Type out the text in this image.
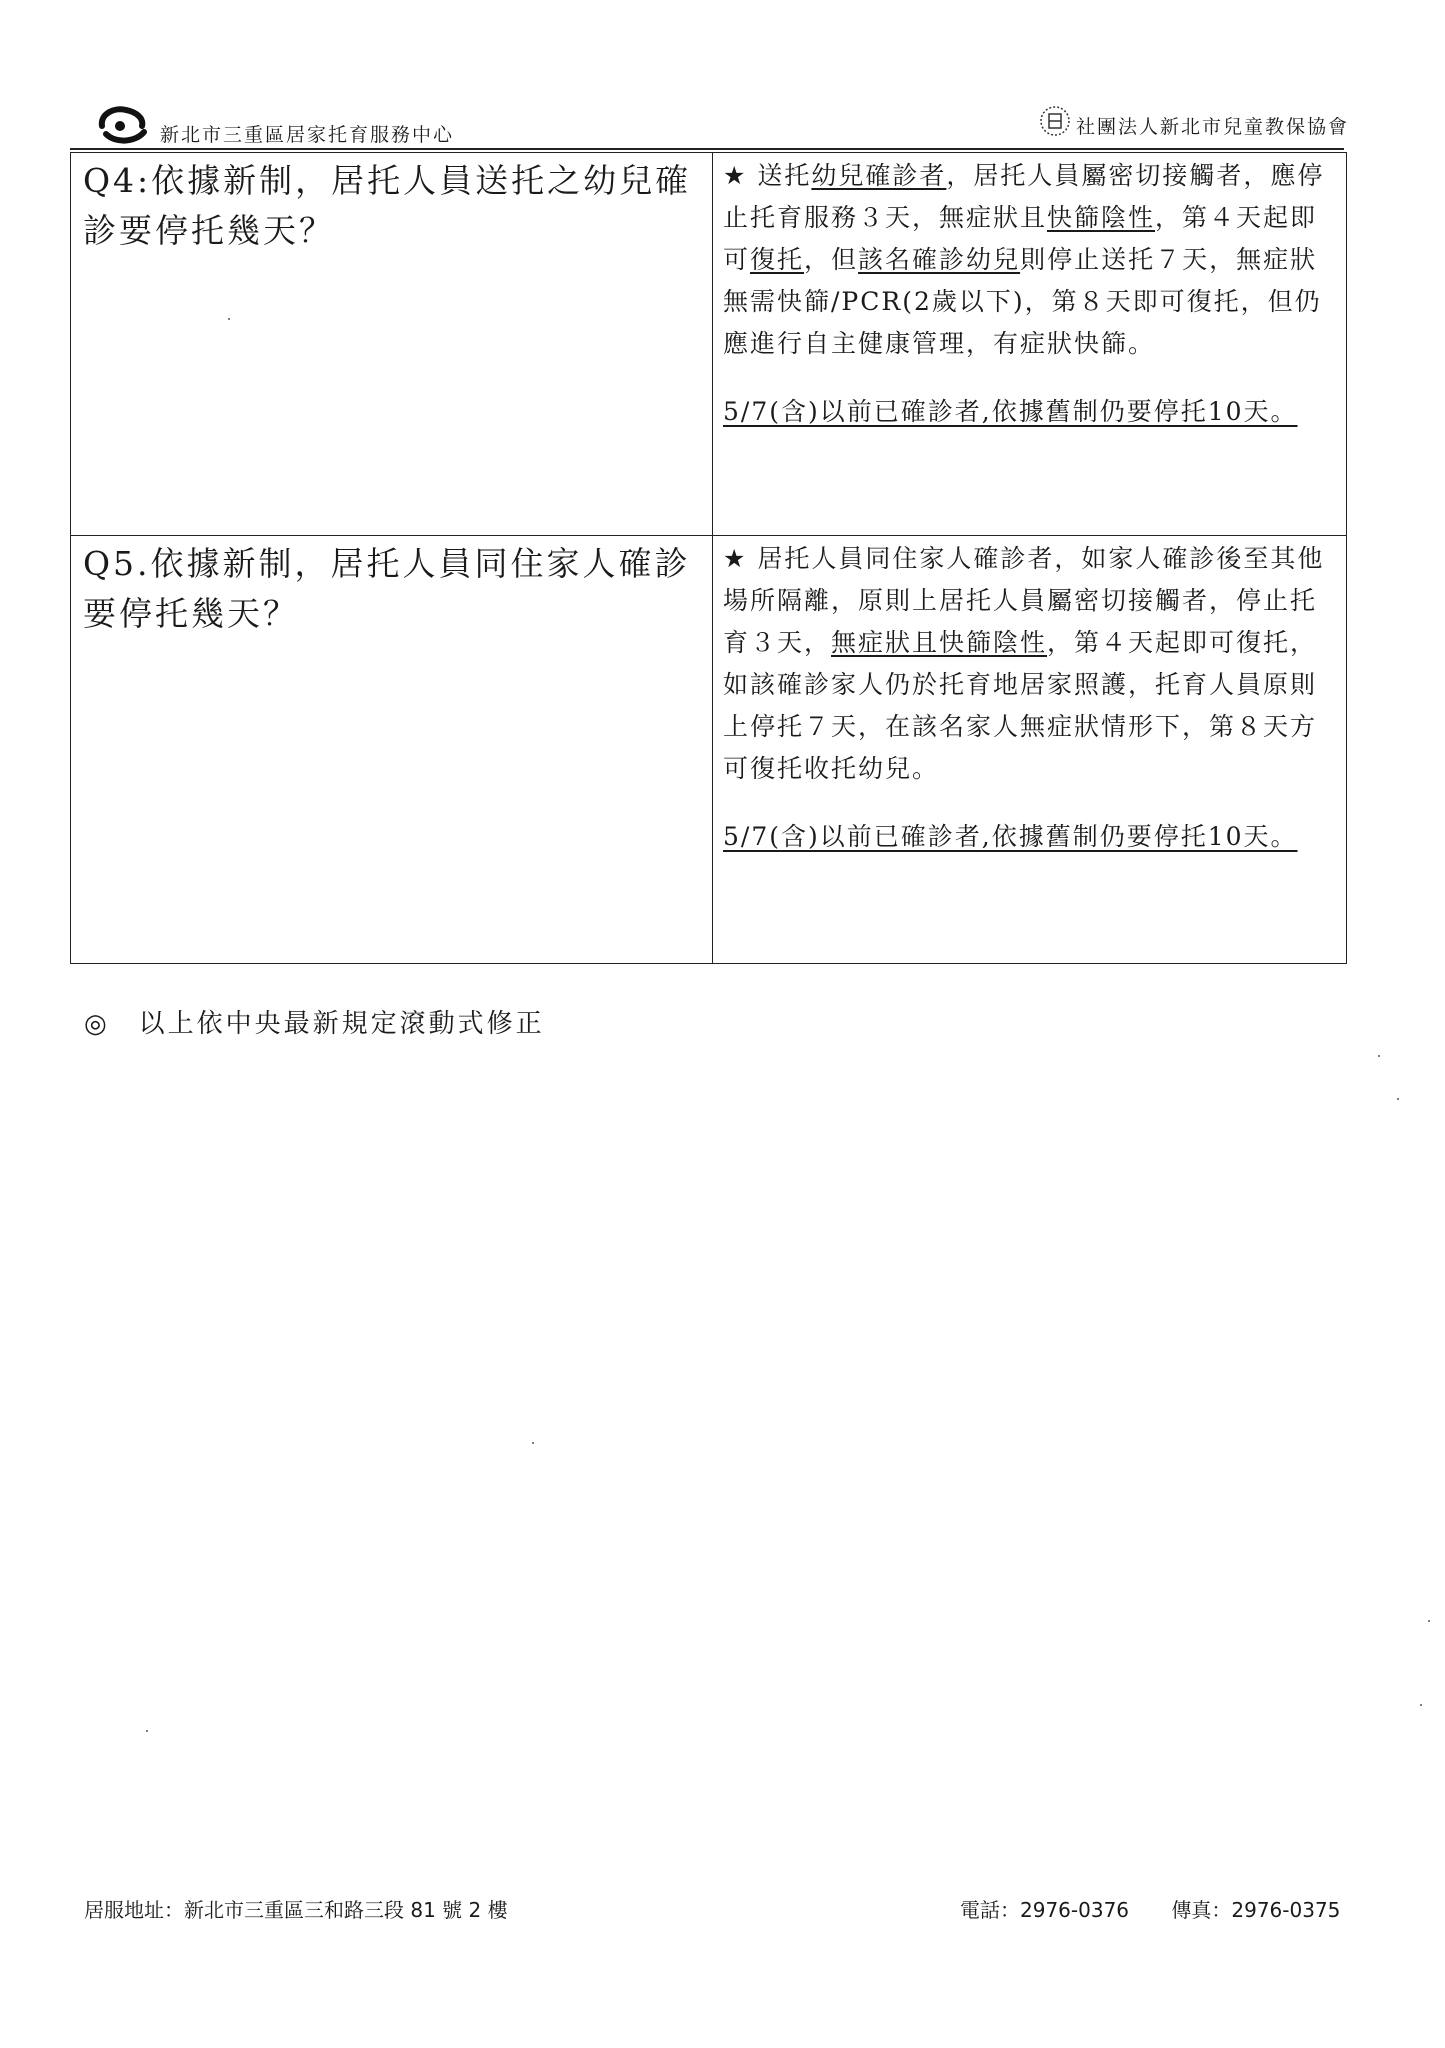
新北市三重區居家托育服務中心	社團法人新北市兒童教保協會
Q4:依據新制，居托人員送托之幼兒確診要停托幾天？	★ 送托幼兒確診者，居托人員屬密切接觸者，應停止托育服務３天，無症狀且快篩陰性，第４天起即可復托，但該名確診幼兒則停止送托７天，無症狀無需快篩/PCR(2歲以下)，第８天即可復托，但仍應進行自主健康管理，有症狀快篩。
5/7(含)以前已確診者,依據舊制仍要停托10天。

Q5.依據新制，居托人員同住家人確診要停托幾天？	★ 居托人員同住家人確診者，如家人確診後至其他場所隔離，原則上居托人員屬密切接觸者，停止托育３天，無症狀且快篩陰性，第４天起即可復托，如該確診家人仍於托育地居家照護，托育人員原則上停托７天，在該名家人無症狀情形下，第８天方可復托收托幼兒。
5/7(含)以前已確診者,依據舊制仍要停托10天。
◎　以上依中央最新規定滾動式修正
居服地址：新北市三重區三和路三段 81 號 2 樓	電話：2976-0376 傳真：2976-0375
